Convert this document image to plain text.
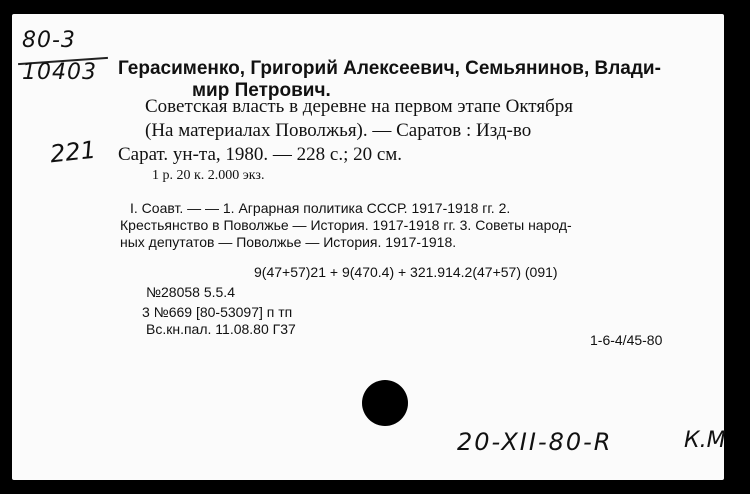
80-3
10403
221
Герасименко, Григорий Алексеевич, Семьянинов, Влади-
мир Петрович.
Советская власть в деревне на первом этапе Октября
(На материалах Поволжья). — Саратов : Изд-во
Сарат. ун-та, 1980. — 228 с.; 20 см.
1 р. 20 к. 2.000 экз.
I. Соавт. — — 1. Аграрная политика СССР. 1917-1918 гг. 2.
Крестьянство в Поволжье — История. 1917-1918 гг. 3. Советы народ-
ных депутатов — Поволжье — История. 1917-1918.
9(47+57)21 + 9(470.4) + 321.914.2(47+57) (091)
№28058 5.5.4
3 №669 [80-53097] п тп
Вс.кн.пал. 11.08.80 Г37
1-6-4/45-80
20-XII-80-R	К.М
